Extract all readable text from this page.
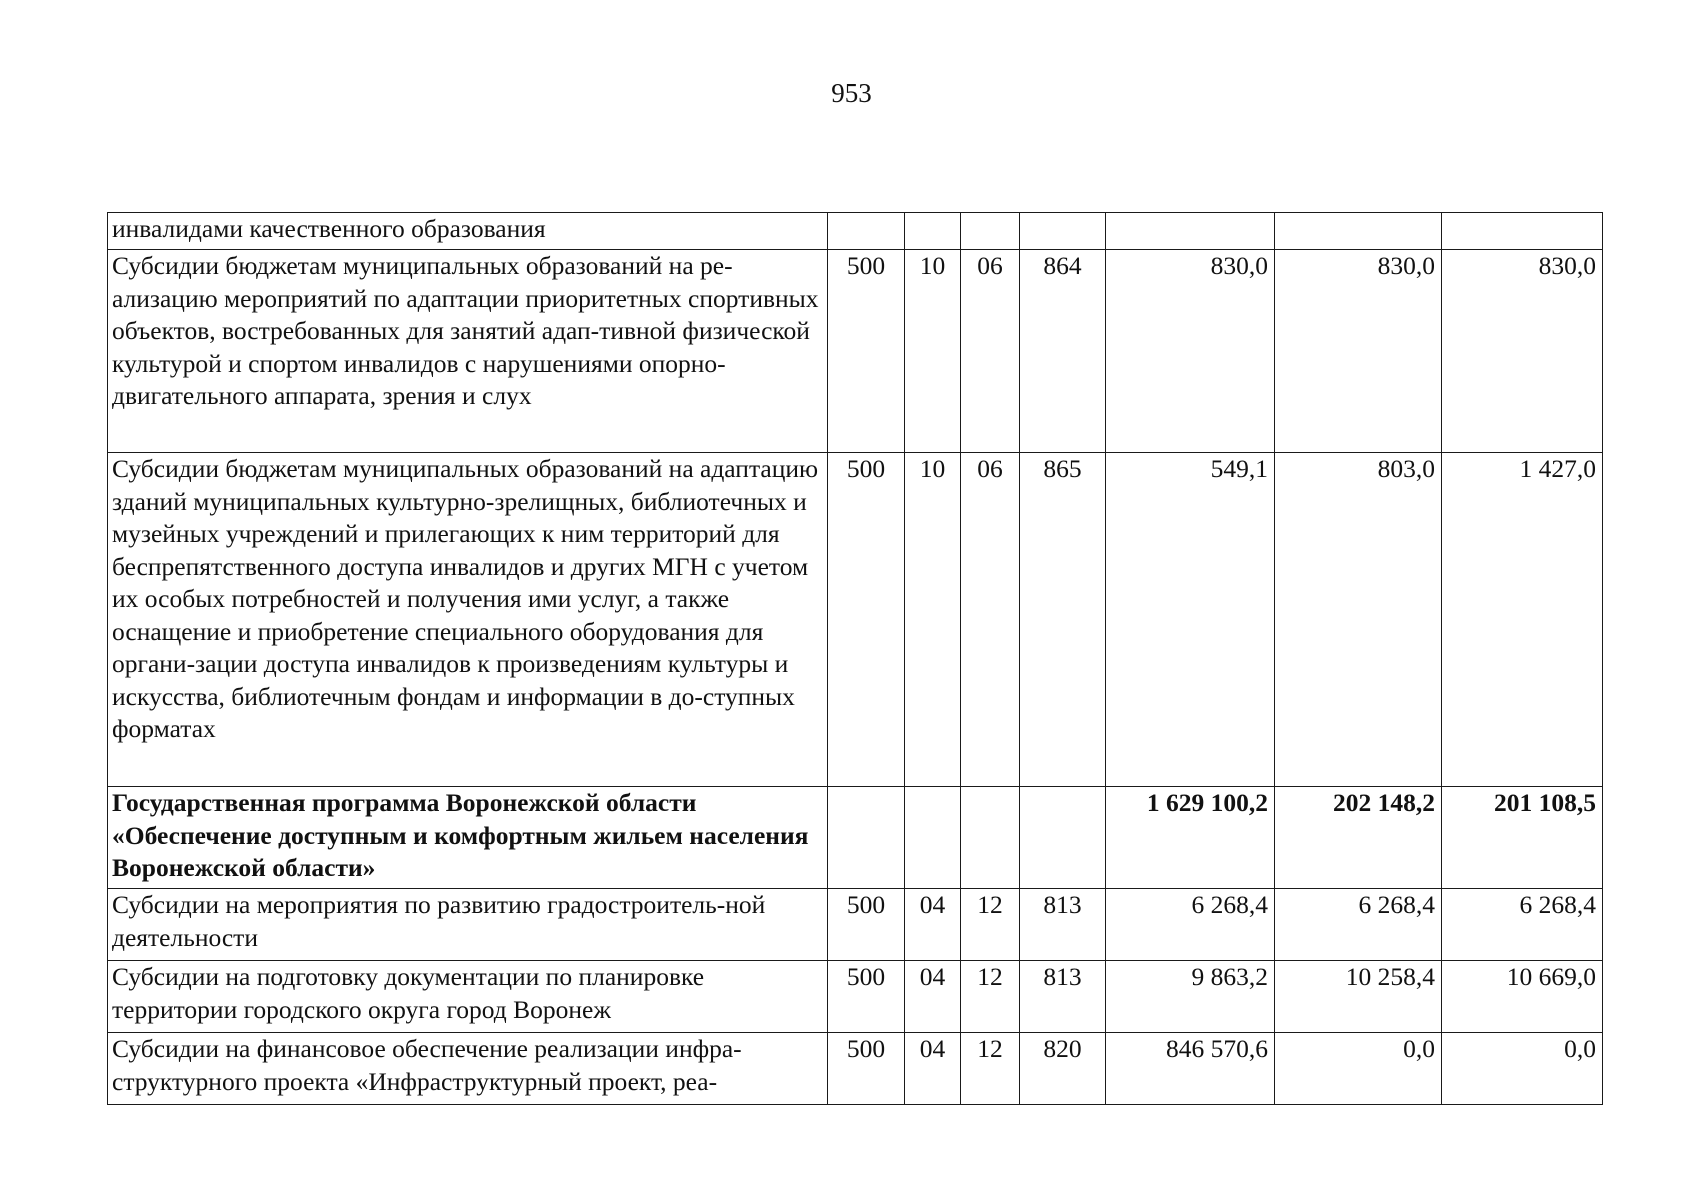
953
инвалидами качественного образования							
Субсидии бюджетам муниципальных образований на ре-ализацию мероприятий по адаптации приоритетных спортивных объектов, востребованных для занятий адап-тивной физической культурой и спортом инвалидов с нарушениями опорно-двигательного аппарата, зрения и слух	500	10	06	864	830,0	830,0	830,0
Субсидии бюджетам муниципальных образований на адаптацию зданий муниципальных культурно-зрелищных, библиотечных и музейных учреждений и прилегающих к ним территорий для беспрепятственного доступа инвалидов и других МГН с учетом их особых потребностей и получения ими услуг, а также оснащение и приобретение специального оборудования для органи-зации доступа инвалидов к произведениям культуры и искусства, библиотечным фондам и информации в до-ступных форматах	500	10	06	865	549,1	803,0	1 427,0
Государственная программа Воронежской области «Обеспечение доступным и комфортным жильем населения Воронежской области»					1 629 100,2	202 148,2	201 108,5
Субсидии на мероприятия по развитию градостроитель-ной деятельности	500	04	12	813	6 268,4	6 268,4	6 268,4
Субсидии на подготовку документации по планировке территории городского округа город Воронеж	500	04	12	813	9 863,2	10 258,4	10 669,0
Субсидии на финансовое обеспечение реализации инфра-структурного проекта «Инфраструктурный проект, реа-	500	04	12	820	846 570,6	0,0	0,0
